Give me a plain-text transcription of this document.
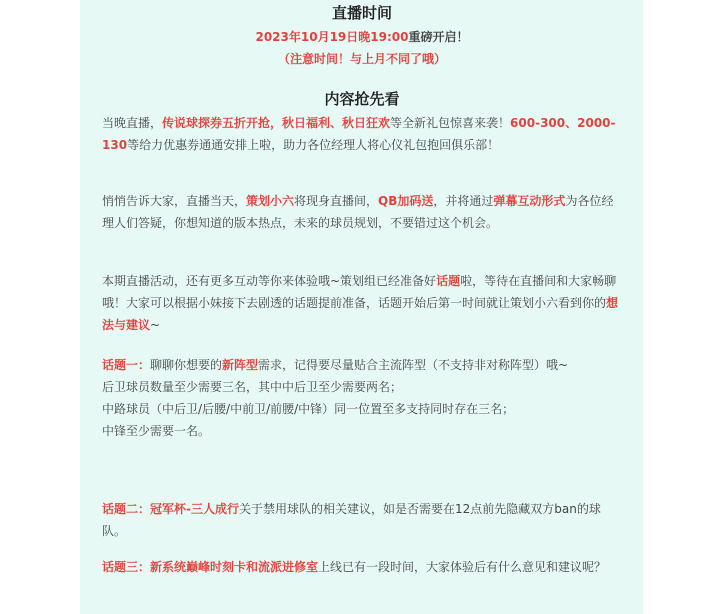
直播时间
2023年10月19日晚19:00重磅开启！
（注意时间！与上月不同了哦）
内容抢先看

当晚直播，传说球探券五折开抢，秋日福利、秋日狂欢等全新礼包惊喜来袭！600-300、2000-130等给力优惠券通通安排上啦，助力各位经理人将心仪礼包抱回俱乐部！

悄悄告诉大家，直播当天，策划小六将现身直播间，QB加码送，并将通过弹幕互动形式为各位经理人们答疑，你想知道的版本热点，未来的球员规划，不要错过这个机会。

本期直播活动，还有更多互动等你来体验哦~策划组已经准备好话题啦，等待在直播间和大家畅聊哦！大家可以根据小妹接下去剧透的话题提前准备，话题开始后第一时间就让策划小六看到你的想法与建议~

话题一：聊聊你想要的新阵型需求，记得要尽量贴合主流阵型（不支持非对称阵型）哦~
后卫球员数量至少需要三名，其中中后卫至少需要两名；
中路球员（中后卫/后腰/中前卫/前腰/中锋）同一位置至多支持同时存在三名；
中锋至少需要一名。

话题二：冠军杯-三人成行关于禁用球队的相关建议，如是否需要在12点前先隐藏双方ban的球队。

话题三：新系统巅峰时刻卡和流派进修室上线已有一段时间，大家体验后有什么意见和建议呢？
